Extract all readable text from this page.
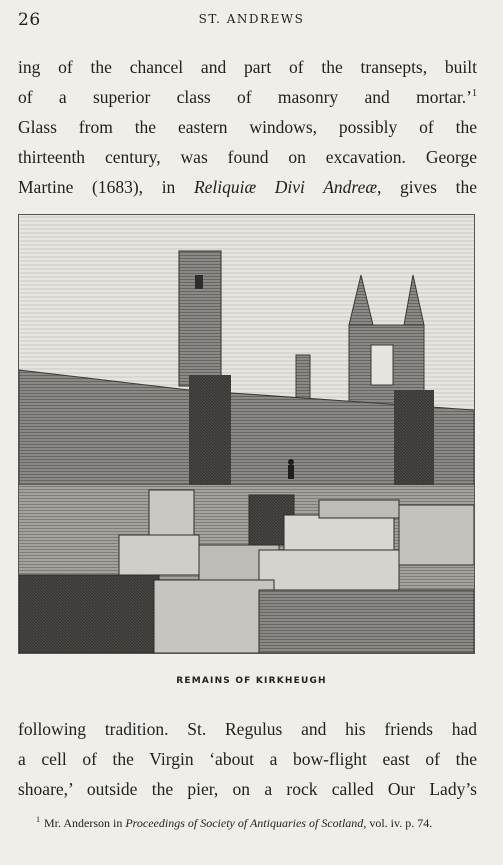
26	ST. ANDREWS
ing of the chancel and part of the transepts, built
of a superior class of masonry and mortar.’$^1$
Glass from the eastern windows, possibly of the
thirteenth century, was found on excavation. George
Martine (1683), in Reliquiæ Divi Andreæ, gives the
REMAINS OF KIRKHEUGH
following tradition. St. Regulus and his friends had
a cell of the Virgin ‘about a bow-flight east of the
shoare,’ outside the pier, on a rock called Our Lady’s
$^1$ Mr. Anderson in Proceedings of Society of Antiquaries of Scotland, vol. iv. p. 74.
